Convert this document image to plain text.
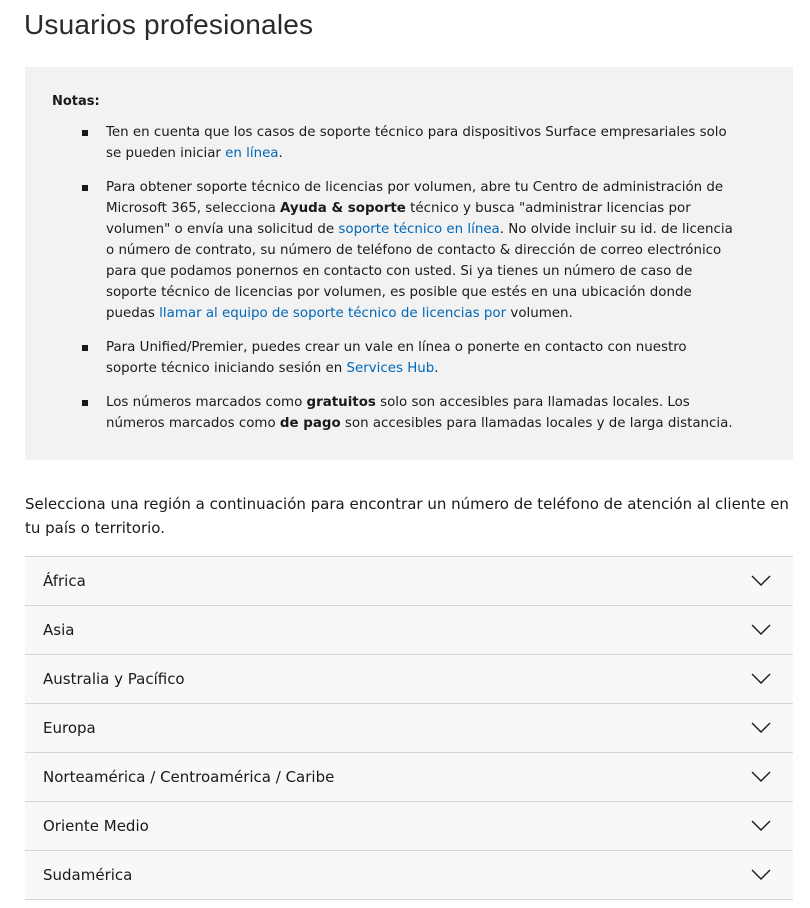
Usuarios profesionales
Notas:
Ten en cuenta que los casos de soporte técnico para dispositivos Surface empresariales solo se pueden iniciar en línea.
Para obtener soporte técnico de licencias por volumen, abre tu Centro de administración de Microsoft 365, selecciona Ayuda & soporte técnico y busca "administrar licencias por volumen" o envía una solicitud de soporte técnico en línea. No olvide incluir su id. de licencia o número de contrato, su número de teléfono de contacto & dirección de correo electrónico para que podamos ponernos en contacto con usted. Si ya tienes un número de caso de soporte técnico de licencias por volumen, es posible que estés en una ubicación donde puedas llamar al equipo de soporte técnico de licencias por volumen.
Para Unified/Premier, puedes crear un vale en línea o ponerte en contacto con nuestro soporte técnico iniciando sesión en Services Hub.
Los números marcados como gratuitos solo son accesibles para llamadas locales. Los números marcados como de pago son accesibles para llamadas locales y de larga distancia.

Selecciona una región a continuación para encontrar un número de teléfono de atención al cliente en tu país o territorio.

África
Asia
Australia y Pacífico
Europa
Norteamérica / Centroamérica / Caribe
Oriente Medio
Sudamérica
